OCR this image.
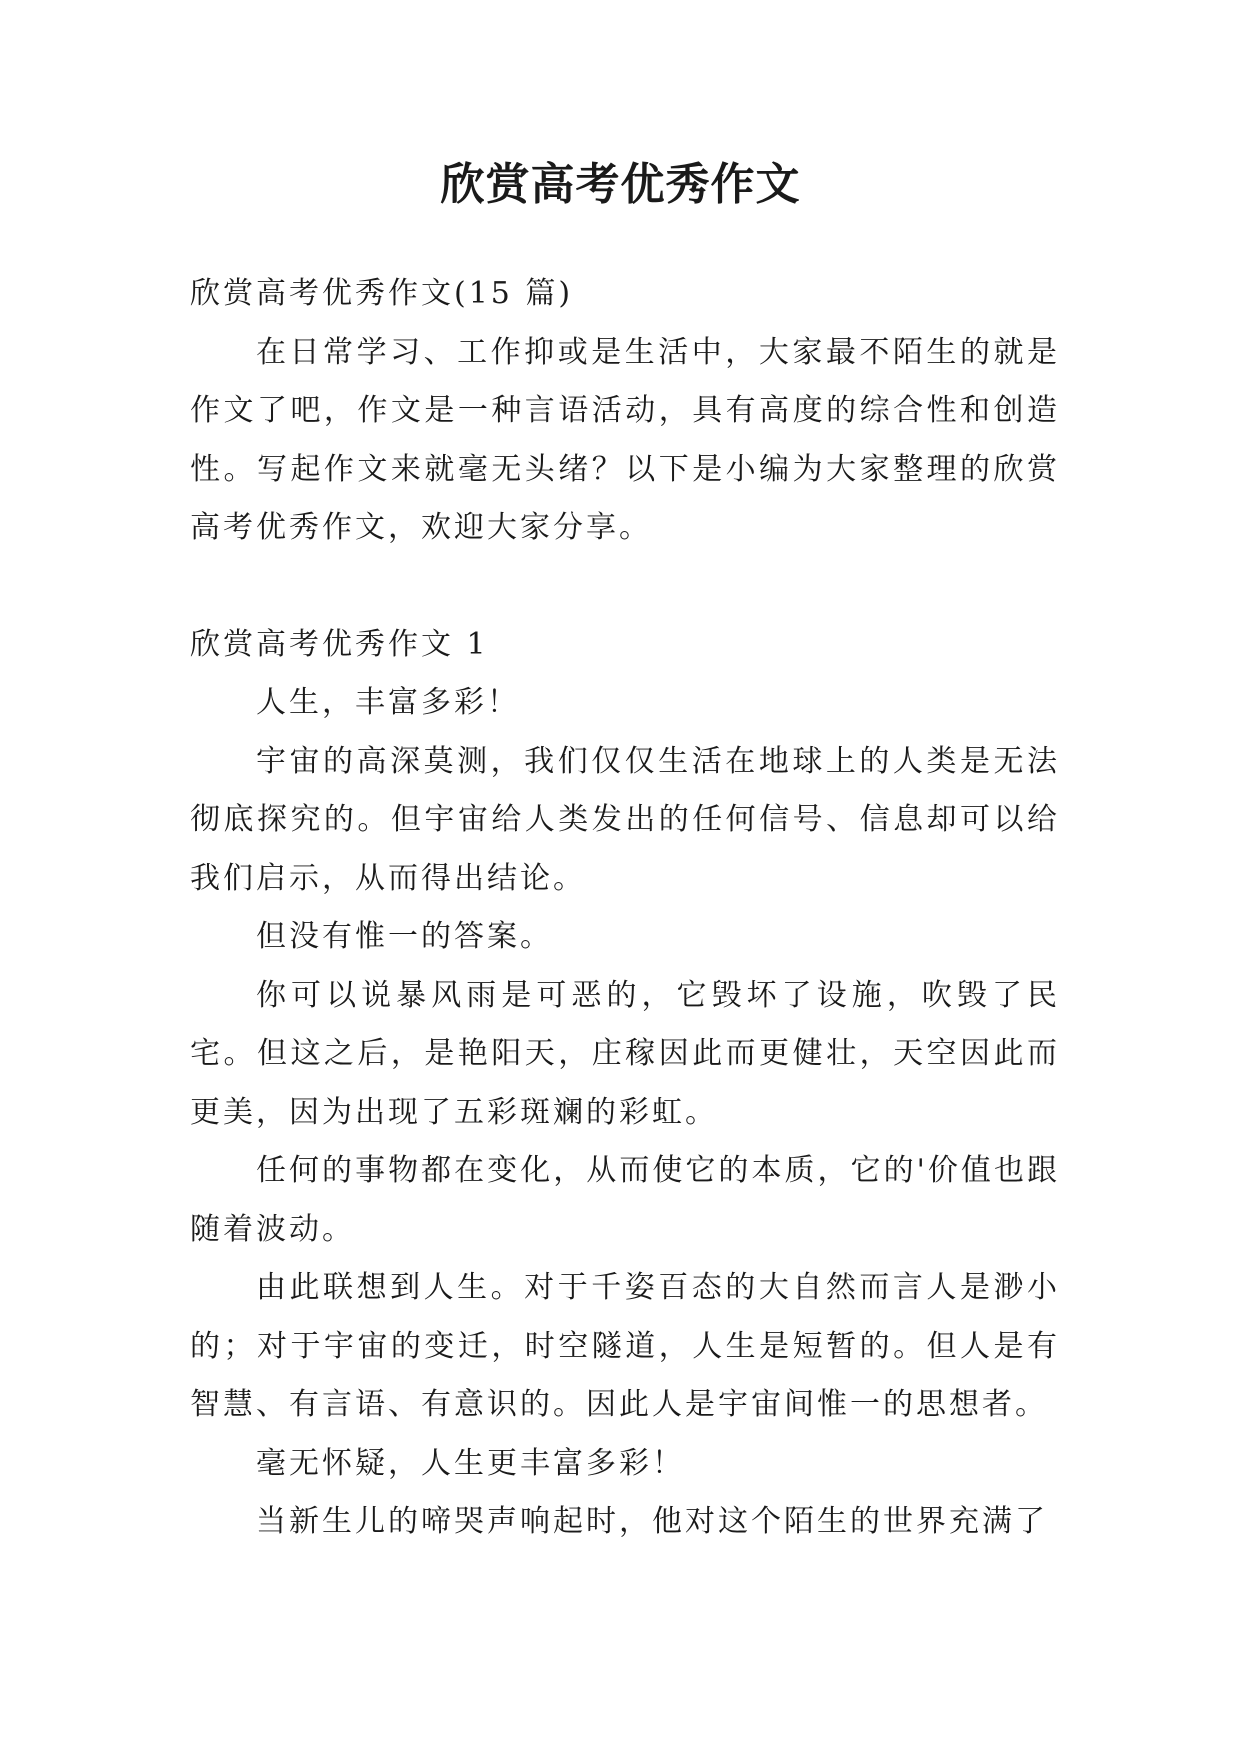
欣赏高考优秀作文

欣赏高考优秀作文(15 篇)

在日常学习、工作抑或是生活中，大家最不陌生的就是作文了吧，作文是一种言语活动，具有高度的综合性和创造性。写起作文来就毫无头绪？以下是小编为大家整理的欣赏高考优秀作文，欢迎大家分享。

欣赏高考优秀作文 1

人生，丰富多彩！

宇宙的高深莫测，我们仅仅生活在地球上的人类是无法彻底探究的。但宇宙给人类发出的任何信号、信息却可以给我们启示，从而得出结论。

但没有惟一的答案。

你可以说暴风雨是可恶的，它毁坏了设施，吹毁了民宅。但这之后，是艳阳天，庄稼因此而更健壮，天空因此而更美，因为出现了五彩斑斓的彩虹。

任何的事物都在变化，从而使它的本质，它的'价值也跟随着波动。

由此联想到人生。对于千姿百态的大自然而言人是渺小的；对于宇宙的变迁，时空隧道，人生是短暂的。但人是有智慧、有言语、有意识的。因此人是宇宙间惟一的思想者。

毫无怀疑，人生更丰富多彩！

当新生儿的啼哭声响起时，他对这个陌生的世界充满了
